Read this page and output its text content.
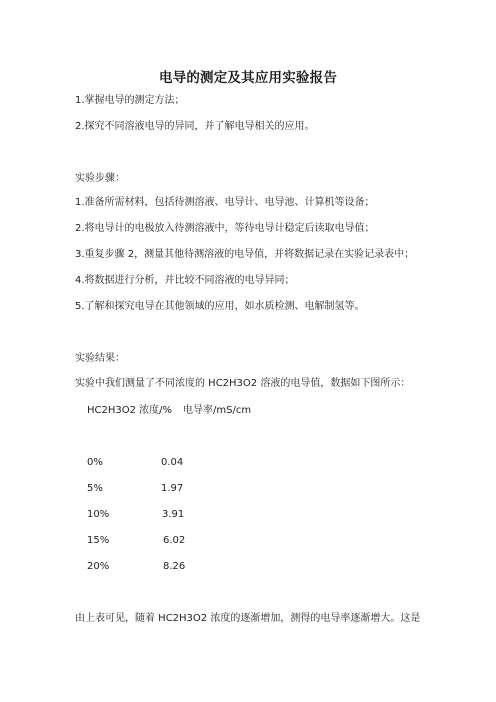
电导的测定及其应用实验报告
1.掌握电导的测定方法；
2.探究不同溶液电导的异同，并了解电导相关的应用。
实验步骤：
1.准备所需材料，包括待测溶液、电导计、电导池、计算机等设备；
2.将电导计的电极放入待测溶液中，等待电导计稳定后读取电导值；
3.重复步骤 2，测量其他待测溶液的电导值，并将数据记录在实验记录表中；
4.将数据进行分析，并比较不同溶液的电导异同；
5.了解和探究电导在其他领域的应用，如水质检测、电解制氢等。
实验结果：
实验中我们测量了不同浓度的 HC2H3O2 溶液的电导值，数据如下图所示：
HC2H3O2 浓度/% 电导率/mS/cm
0%	0.04
5%	1.97
10%	3.91
15%	6.02
20%	8.26
由上表可见，随着 HC2H3O2 浓度的逐渐增加，测得的电导率逐渐增大。这是
